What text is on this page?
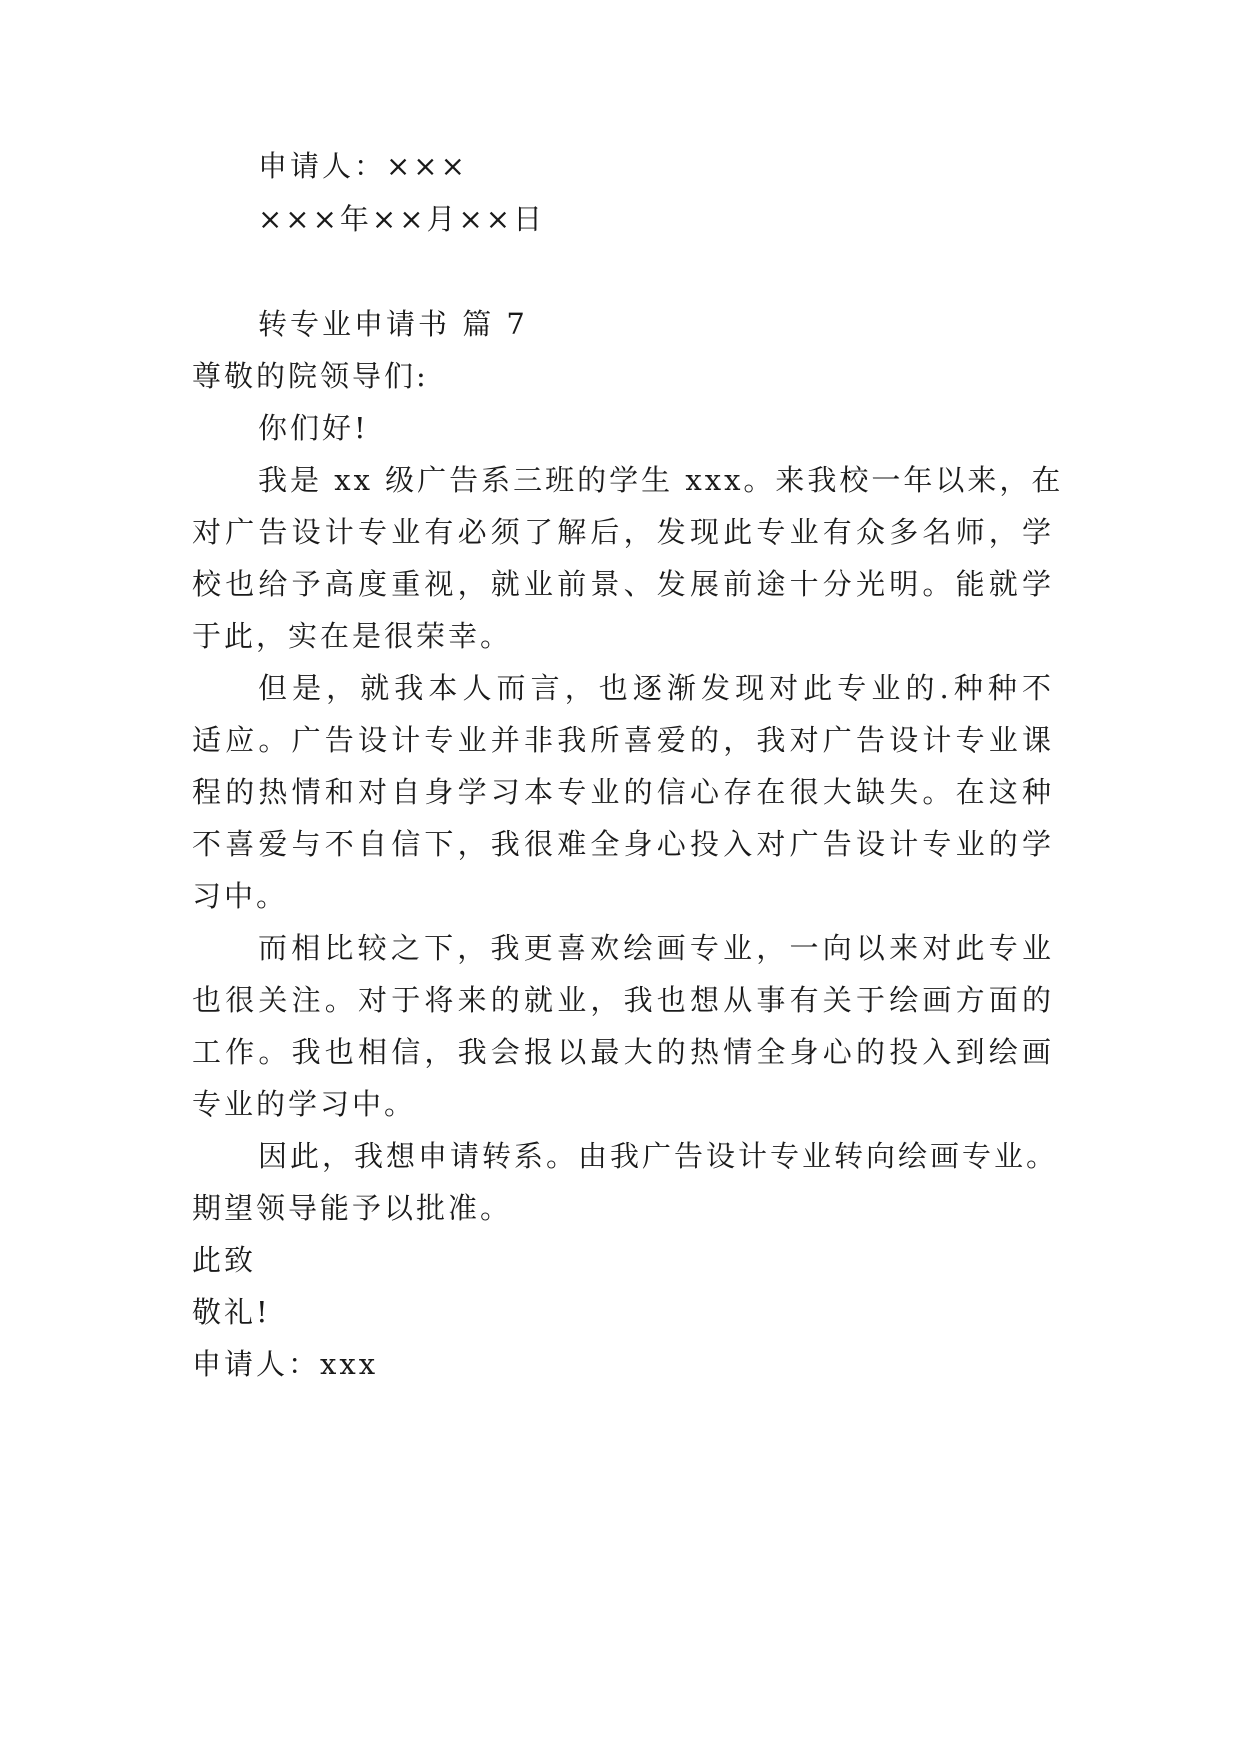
申请人：×××
×××年××月××日
转专业申请书 篇 7
尊敬的院领导们:
你们好!
我是 xx 级广告系三班的学生 xxx。来我校一年以来，在
对广告设计专业有必须了解后，发现此专业有众多名师，学
校也给予高度重视，就业前景、发展前途十分光明。能就学
于此，实在是很荣幸。
但是，就我本人而言，也逐渐发现对此专业的.种种不
适应。广告设计专业并非我所喜爱的，我对广告设计专业课
程的热情和对自身学习本专业的信心存在很大缺失。在这种
不喜爱与不自信下，我很难全身心投入对广告设计专业的学
习中。
而相比较之下，我更喜欢绘画专业，一向以来对此专业
也很关注。对于将来的就业，我也想从事有关于绘画方面的
工作。我也相信，我会报以最大的热情全身心的投入到绘画
专业的学习中。
因此，我想申请转系。由我广告设计专业转向绘画专业。
期望领导能予以批准。
此致
敬礼!
申请人：xxx
